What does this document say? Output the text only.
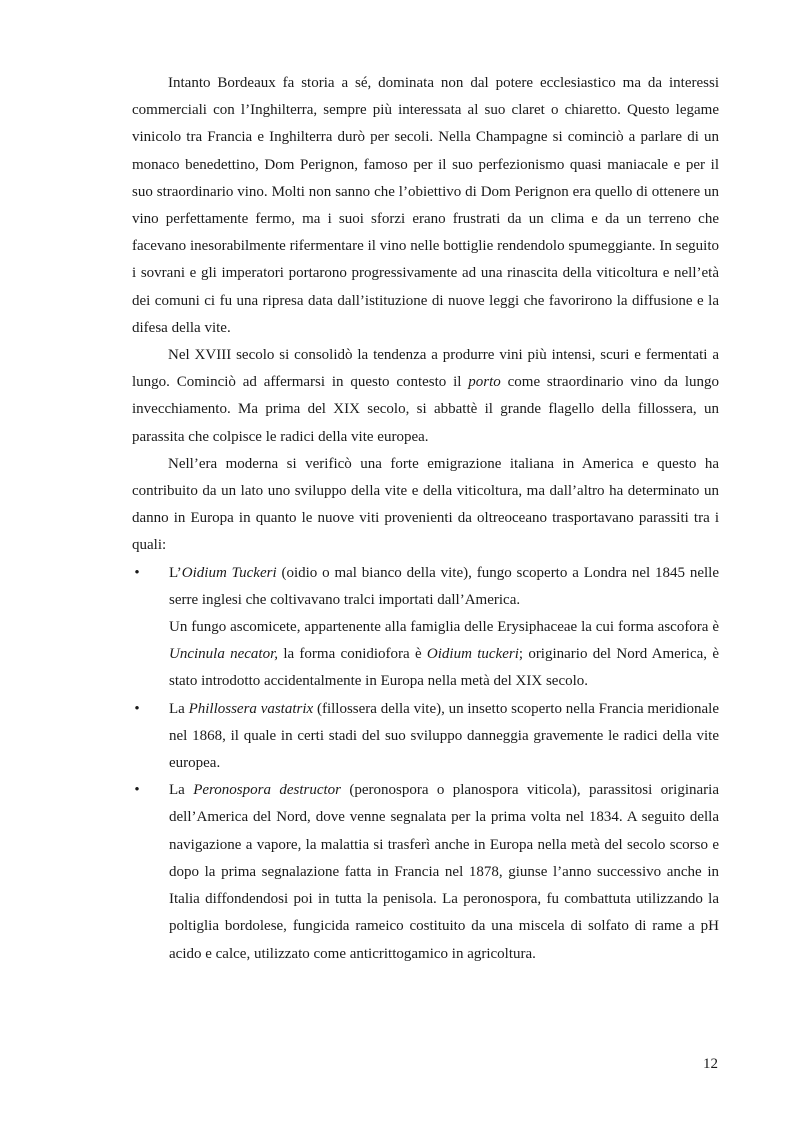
Intanto Bordeaux fa storia a sé, dominata non dal potere ecclesiastico ma da interessi commerciali con l’Inghilterra, sempre più interessata al suo claret o chiaretto. Questo legame vinicolo tra Francia e Inghilterra durò per secoli. Nella Champagne si cominciò a parlare di un monaco benedettino, Dom Perignon, famoso per il suo perfezionismo quasi maniacale e per il suo straordinario vino. Molti non sanno che l’obiettivo di Dom Perignon era quello di ottenere un vino perfettamente fermo, ma i suoi sforzi erano frustrati da un clima e da un terreno che facevano inesorabilmente rifermentare il vino nelle bottiglie rendendolo spumeggiante. In seguito i sovrani e gli imperatori portarono progressivamente ad una rinascita della viticoltura e nell’età dei comuni ci fu una ripresa data dall’istituzione di nuove leggi che favorirono la diffusione e la difesa della vite.

Nel XVIII secolo si consolidò la tendenza a produrre vini più intensi, scuri e fermentati a lungo. Cominciò ad affermarsi in questo contesto il porto come straordinario vino da lungo invecchiamento. Ma prima del XIX secolo, si abbattè il grande flagello della fillossera, un parassita che colpisce le radici della vite europea.

Nell’era moderna si verificò una forte emigrazione italiana in America e questo ha contribuito da un lato uno sviluppo della vite e della viticoltura, ma dall’altro ha determinato un danno in Europa in quanto le nuove viti provenienti da oltreoceano trasportavano parassiti tra i quali:

• L’Oidium Tuckeri (oidio o mal bianco della vite), fungo scoperto a Londra nel 1845 nelle serre inglesi che coltivavano tralci importati dall’America.

Un fungo ascomicete, appartenente alla famiglia delle Erysiphaceae la cui forma ascofora è Uncinula necator, la forma conidiofora è Oidium tuckeri; originario del Nord America, è stato introdotto accidentalmente in Europa nella metà del XIX secolo.

• La Phillossera vastatrix (fillossera della vite), un insetto scoperto nella Francia meridionale nel 1868, il quale in certi stadi del suo sviluppo danneggia gravemente le radici della vite europea.

• La Peronospora destructor (peronospora o planospora viticola), parassitosi originaria dell’America del Nord, dove venne segnalata per la prima volta nel 1834. A seguito della navigazione a vapore, la malattia si trasferì anche in Europa nella metà del secolo scorso e dopo la prima segnalazione fatta in Francia nel 1878, giunse l’anno successivo anche in Italia diffondendosi poi in tutta la penisola. La peronospora, fu combattuta utilizzando la poltiglia bordolese, fungicida rameico costituito da una miscela di solfato di rame a pH acido e calce, utilizzato come anticrittogamico in agricoltura.

12
